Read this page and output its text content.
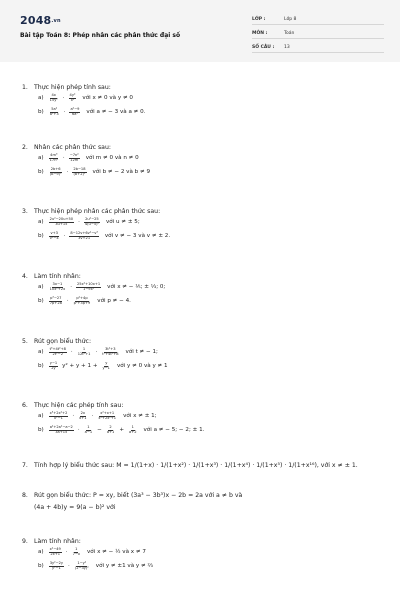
2048.vn
Bài tập Toán 8: Phép nhân các phân thức đại số
LỚP :	Lớp 8
MÔN :	Toán
SỐ CÂU : 13
1. Thực hiện phép tính sau:
$a) \frac{4x}{\text{15y⁷}} \cdot \frac{\text{4y²}}{\text{x²}}$ với x ≠ 0 và y ≠ 0
$b) \frac{\text{5a²}}{\text{a²+3}} \cdot \frac{\text{a²−9}}{\text{6a³}}$ với a ≠ − 3 và a ≠ 0.
2. Nhân các phân thức sau:
$a) \frac{\text{4m³}}{\text{17n⁴}} \cdot \frac{\text{−7n²}}{12m}$ với m ≠ 0 và n ≠ 0
$b) \frac{2b+6}{\text{(b−9)²}} \cdot \frac{2b-18}{\text{(b+2)²}}$ với b ≠ − 2 và b ≠ 9
3. Thực hiện phép nhân các phân thức sau:
$a) \frac{\text{2u²−20u+50}}{3u+15} \cdot \frac{\text{2u²−25}}{\text{4(u−5)²}}$ với u ≠ ± 5;
$b) \frac{v+3}{\text{v²−4}} \cdot \frac{\text{8−12v+6v²−v³}}{3v+21}$ với v ≠ − 3 và v ≠ ± 2.
4. Làm tính nhân:
$a) \frac{3x-1}{\text{10x²+2x}} \cdot \frac{\text{25x²+10x+1}}{\text{1−9x²}}$ với x ≠ − ⅕; ± ⅓; 0;
$b) \frac{\text{p³−27}}{7p+28} \cdot \frac{\text{p²+4p}}{\text{p²+3p+9}}$ với p ≠ − 4.
5. Rút gọn biểu thức:
$a) \frac{\text{t³+4t²+8}}{\text{2t²−2}} \cdot \frac{1}{\text{12t²+1}} \cdot \frac{\text{3t²+3}}{\text{t³+4t²+8}}$ với t ≠ − 1;
$b) \frac{y-1}{2y} y^2 + y + 1 + \frac{y}{y-1}$ với y ≠ 0 và y ≠ 1
6. Thực hiện các phép tính sau:
$a) \frac{\text{x³+2x²+2}}{\text{x²−1}} \cdot \frac{2x}{x+1} \cdot \frac{\text{x²+x+1}}{\text{x⁴+2x²+1}}$ với x ≠ ± 1;
$b) \frac{\text{a²+2a²−a−2}}{3a+15} \cdot \frac{1}{a-1} - \frac{2}{a+1} + \frac{1}{a+2}$ với a ≠ − 5; − 2; ± 1.
7. Tính hợp lý biểu thức sau: M = 1/(1+x) · 1/(1+x²) · 1/(1+x³) · 1/(1+x⁴) · 1/(1+x⁵) · 1/(1+x¹⁶), với x ≠ ± 1.
8. Rút gọn biểu thức: P = xy, biết (3a³ − 3b³)x − 2b = 2a với a ≠ b và
(4a + 4b)y = 9(a − b)² với
9. Làm tính nhân:
$a) \frac{\text{x²−49}}{2x+1} \cdot \frac{1}{7-x}$ với x ≠ − ½ và x ≠ 7
$b) \frac{\text{3y²−2y}}{\text{y²−1}} \cdot \frac{\text{1−y²}}{\text{(2−3y)²}}$ với y ≠ ±1 và y ≠ ⅔
